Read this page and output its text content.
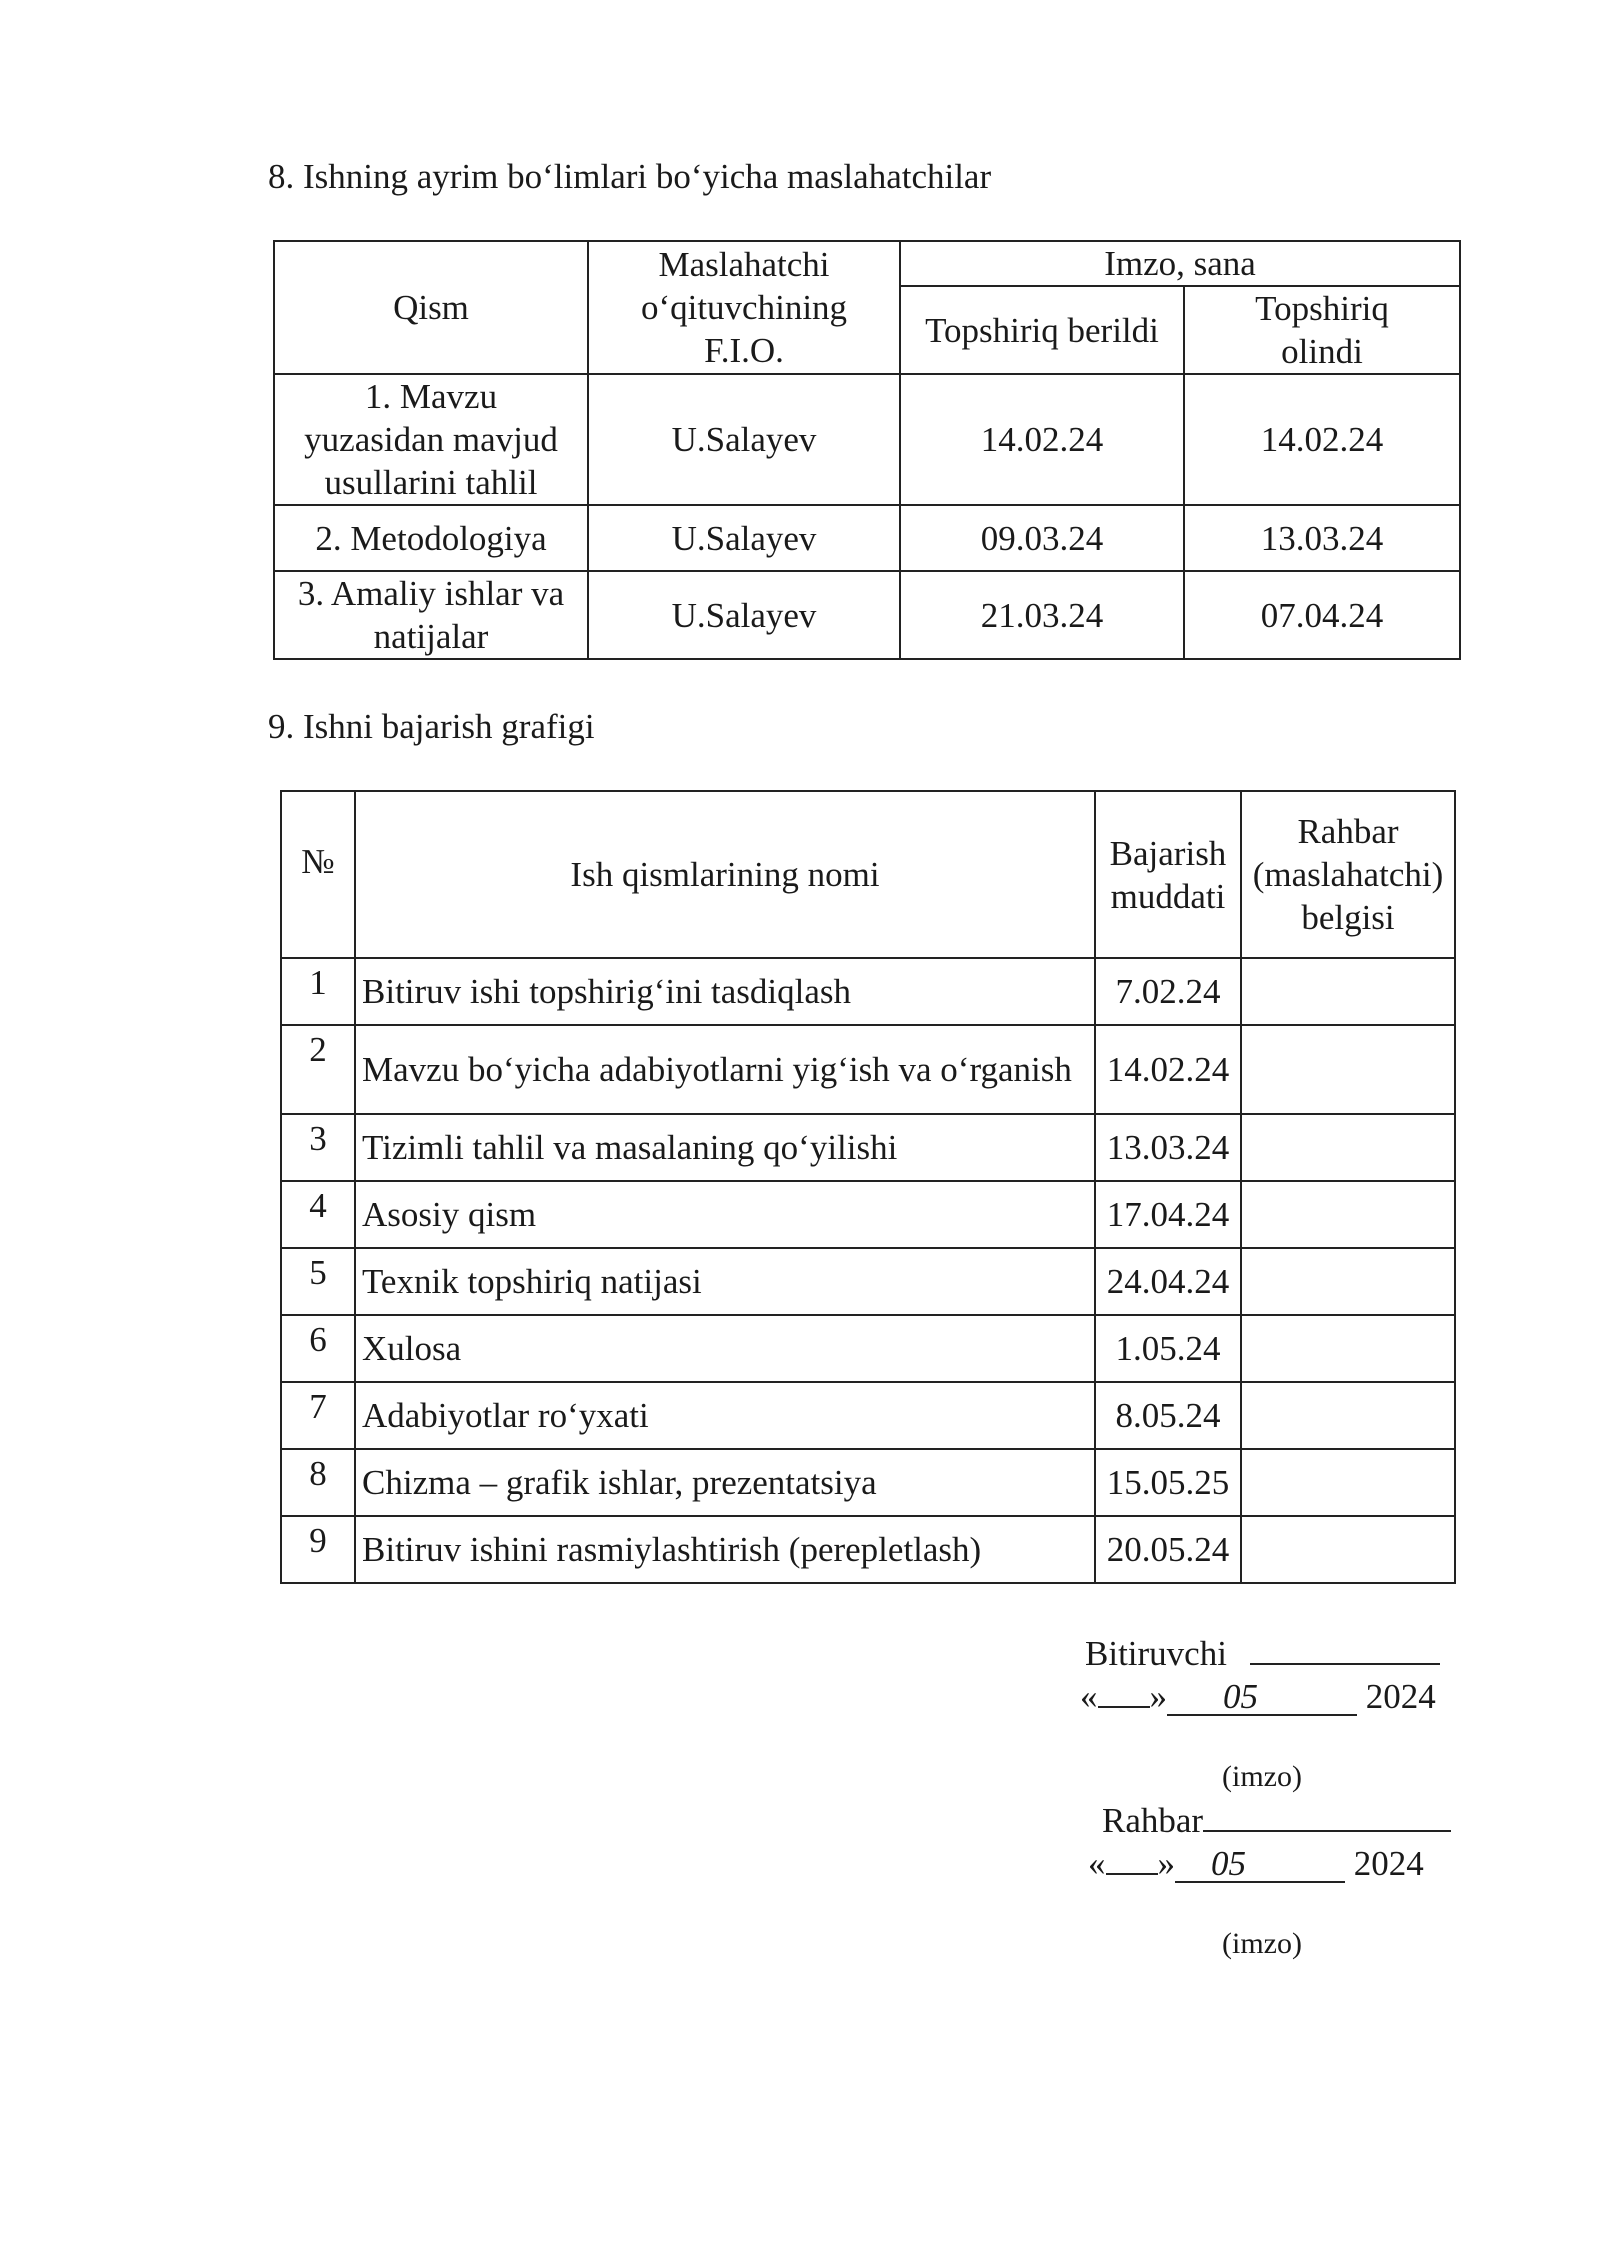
8. Ishning ayrim bo‘limlari bo‘yicha maslahatchilar
Qism	Maslahatchi
o‘qituvchining
F.I.O.	Imzo, sana	
		Topshiriq berildi	Topshiriq
olindi
1. Mavzu
yuzasidan mavjud
usullarini tahlil	U.Salayev	14.02.24	14.02.24
2. Metodologiya	U.Salayev	09.03.24	13.03.24
3. Amaliy ishlar va
natijalar	U.Salayev	21.03.24	07.04.24
9. Ishni bajarish grafigi
№	Ish qismlarining nomi	Bajarish
muddati	Rahbar
(maslahatchi)
belgisi
1	Bitiruv ishi topshirig‘ini tasdiqlash	7.02.24	
2	Mavzu bo‘yicha adabiyotlarni yig‘ish va o‘rganish	14.02.24	
3	Tizimli tahlil va masalaning qo‘yilishi	13.03.24	
4	Asosiy qism	17.04.24	
5	Texnik topshiriq natijasi	24.04.24	
6	Xulosa	1.05.24	
7	Adabiyotlar ro‘yxati	8.05.24	
8	Chizma – grafik ishlar, prezentatsiya	15.05.25	
9	Bitiruv ishini rasmiylashtirish (perepletlash)	20.05.24	
Bitiruvchi
« » 05	2024
(imzo)
Rahbar
« » 05	2024
(imzo)
